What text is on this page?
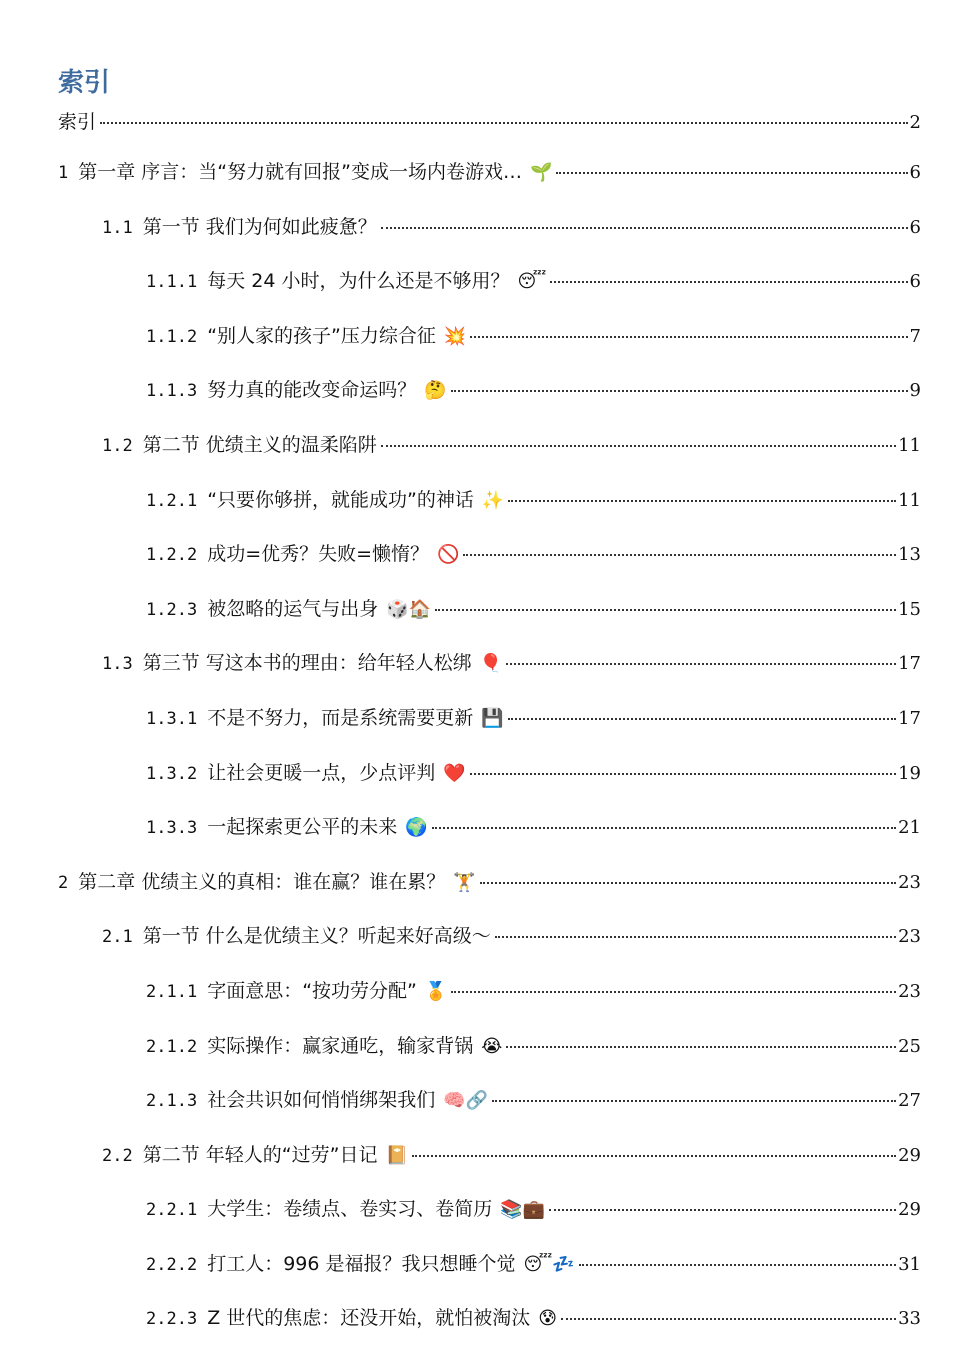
索引
索引	2
1 第一章 序言：当“努力就有回报”变成一场内卷游戏… 🌱	6
1.1 第一节 我们为何如此疲惫？	6
1.1.1 每天 24 小时，为什么还是不够用？ 😴	6
1.1.2 “别人家的孩子”压力综合征 💥	7
1.1.3 努力真的能改变命运吗？ 🤔	9
1.2 第二节 优绩主义的温柔陷阱	11
1.2.1 “只要你够拼，就能成功”的神话 ✨	11
1.2.2 成功=优秀？失败=懒惰？ 🚫	13
1.2.3 被忽略的运气与出身 🎲🏠	15
1.3 第三节 写这本书的理由：给年轻人松绑 🎈	17
1.3.1 不是不努力，而是系统需要更新 💾	17
1.3.2 让社会更暖一点，少点评判 ❤️	19
1.3.3 一起探索更公平的未来 🌍	21
2 第二章 优绩主义的真相：谁在赢？谁在累？ 🏋	23
2.1 第一节 什么是优绩主义？听起来好高级～	23
2.1.1 字面意思：“按功劳分配” 🏅	23
2.1.2 实际操作：赢家通吃，输家背锅 😭	25
2.1.3 社会共识如何悄悄绑架我们 🧠🔗	27
2.2 第二节 年轻人的“过劳”日记 📔	29
2.2.1 大学生：卷绩点、卷实习、卷简历 📚💼	29
2.2.2 打工人：996 是福报？我只想睡个觉 😴💤	31
2.2.3 Z 世代的焦虑：还没开始，就怕被淘汰 😰	33
